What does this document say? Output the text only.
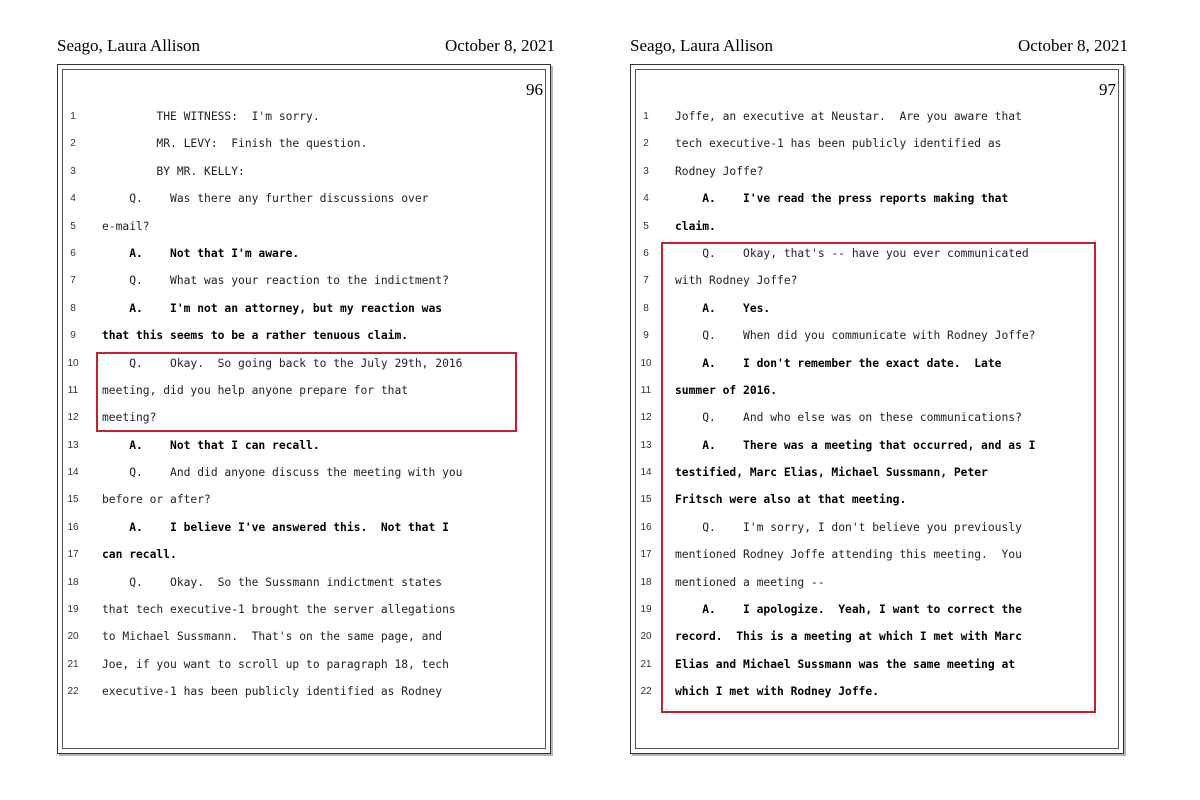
Seago, Laura Allison	October 8, 2021
96
1	THE WITNESS:  I'm sorry.
2	MR. LEVY:  Finish the question.
3	BY MR. KELLY:
4	Q.    Was there any further discussions over
5	e-mail?
6	A.    Not that I'm aware.
7	Q.    What was your reaction to the indictment?
8	A.    I'm not an attorney, but my reaction was
9	that this seems to be a rather tenuous claim.
10 Q.    Okay.  So going back to the July 29th, 2016
11 meeting, did you help anyone prepare for that
12 meeting?
13 A.    Not that I can recall.
14 Q.    And did anyone discuss the meeting with you
15 before or after?
16 A.    I believe I've answered this.  Not that I
17 can recall.
18 Q.    Okay.  So the Sussmann indictment states
19 that tech executive-1 brought the server allegations
20 to Michael Sussmann.  That's on the same page, and
21 Joe, if you want to scroll up to paragraph 18, tech
22 executive-1 has been publicly identified as Rodney
Seago, Laura Allison	October 8, 2021
97
1	Joffe, an executive at Neustar.  Are you aware that
2	tech executive-1 has been publicly identified as
3	Rodney Joffe?
4	A.    I've read the press reports making that
5	claim.
6	Q.    Okay, that's -- have you ever communicated
7	with Rodney Joffe?
8	A.    Yes.
9	Q.    When did you communicate with Rodney Joffe?
10 A.    I don't remember the exact date.  Late
11 summer of 2016.
12 Q.    And who else was on these communications?
13 A.    There was a meeting that occurred, and as I
14 testified, Marc Elias, Michael Sussmann, Peter
15 Fritsch were also at that meeting.
16 Q.    I'm sorry, I don't believe you previously
17 mentioned Rodney Joffe attending this meeting.  You
18 mentioned a meeting --
19 A.    I apologize.  Yeah, I want to correct the
20 record.  This is a meeting at which I met with Marc
21 Elias and Michael Sussmann was the same meeting at
22 which I met with Rodney Joffe.
